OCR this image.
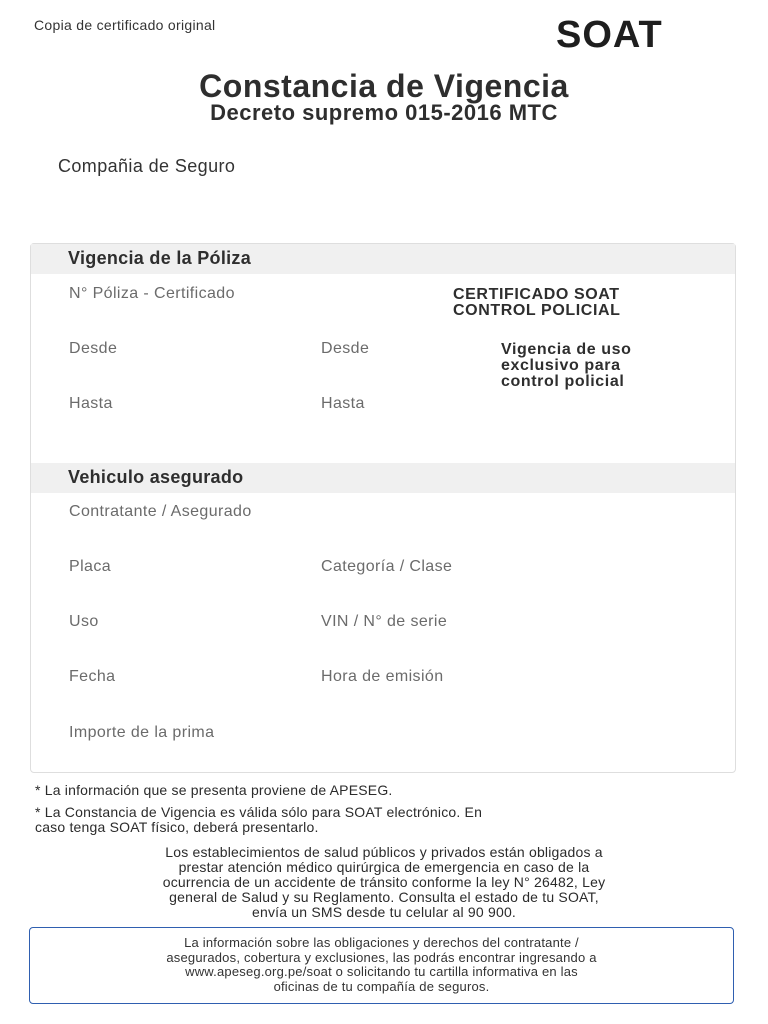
Copia de certificado original	SOAT
Constancia de Vigencia
Decreto supremo 015-2016 MTC
Compañia de Seguro
Vigencia de la Póliza
N° Póliza - Certificado	CERTIFICADO SOAT
CONTROL POLICIAL
Desde	Desde	Vigencia de uso
exclusivo para
control policial
Hasta	Hasta
Vehiculo asegurado
Contratante / Asegurado
Placa	Categoría / Clase
Uso	VIN / N° de serie
Fecha	Hora de emisión
Importe de la prima
* La información que se presenta proviene de APESEG.
* La Constancia de Vigencia es válida sólo para SOAT electrónico. En
caso tenga SOAT físico, deberá presentarlo.
Los establecimientos de salud públicos y privados están obligados a
prestar atención médico quirúrgica de emergencia en caso de la
ocurrencia de un accidente de tránsito conforme la ley N° 26482, Ley
general de Salud y su Reglamento. Consulta el estado de tu SOAT,
envía un SMS desde tu celular al 90 900.
La información sobre las obligaciones y derechos del contratante /
asegurados, cobertura y exclusiones, las podrás encontrar ingresando a
www.apeseg.org.pe/soat o solicitando tu cartilla informativa en las
oficinas de tu compañía de seguros.
